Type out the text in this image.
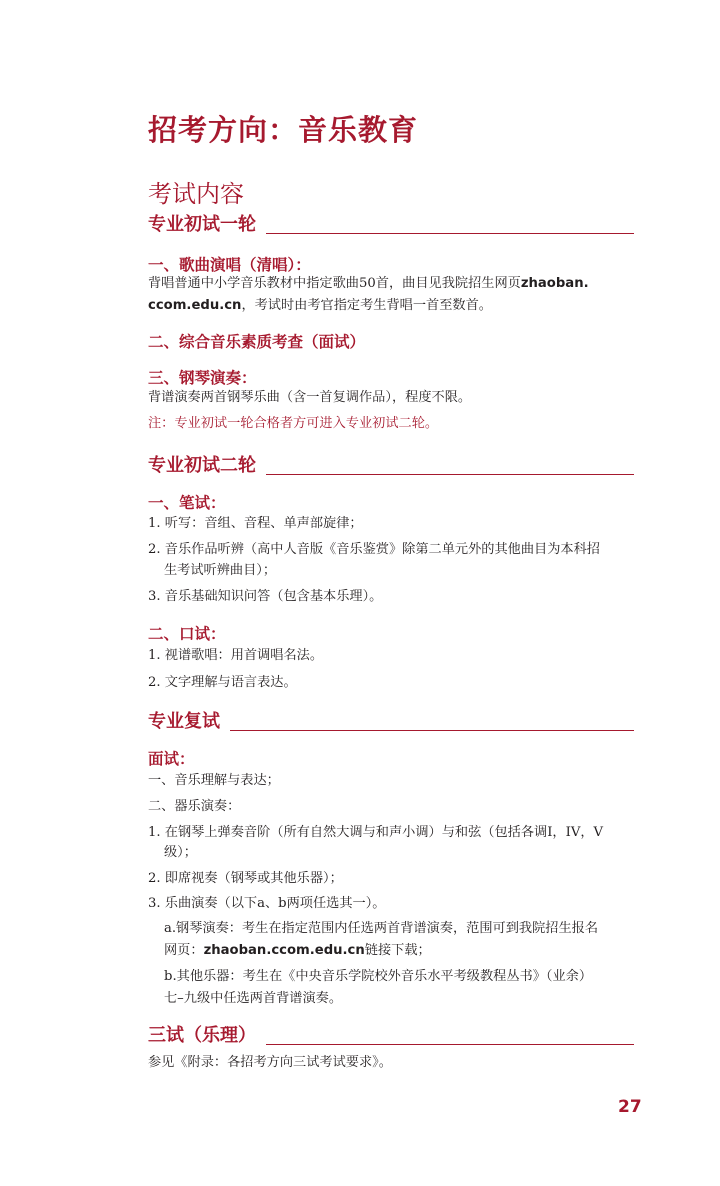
招考方向：音乐教育
考试内容
专业初试一轮
一、歌曲演唱（清唱）：
背唱普通中小学音乐教材中指定歌曲50首，曲目见我院招生网页zhaoban.
ccom.edu.cn，考试时由考官指定考生背唱一首至数首。
二、综合音乐素质考查（面试）
三、钢琴演奏：
背谱演奏两首钢琴乐曲（含一首复调作品），程度不限。
注：专业初试一轮合格者方可进入专业初试二轮。
专业初试二轮
一、笔试：
1. 听写：音组、音程、单声部旋律；
2. 音乐作品听辨（高中人音版《音乐鉴赏》除第二单元外的其他曲目为本科招
生考试听辨曲目）；
3. 音乐基础知识问答（包含基本乐理）。
二、口试：
1. 视谱歌唱：用首调唱名法。
2. 文字理解与语言表达。
专业复试
面试：
一、音乐理解与表达；
二、器乐演奏：
1. 在钢琴上弹奏音阶（所有自然大调与和声小调）与和弦（包括各调I，IV，V
级）；
2. 即席视奏（钢琴或其他乐器）；
3. 乐曲演奏（以下a、b两项任选其一）。
a.钢琴演奏：考生在指定范围内任选两首背谱演奏，范围可到我院招生报名
网页：zhaoban.ccom.edu.cn链接下载；
b.其他乐器：考生在《中央音乐学院校外音乐水平考级教程丛书》（业余）
七–九级中任选两首背谱演奏。
三试（乐理）
参见《附录：各招考方向三试考试要求》。
27
